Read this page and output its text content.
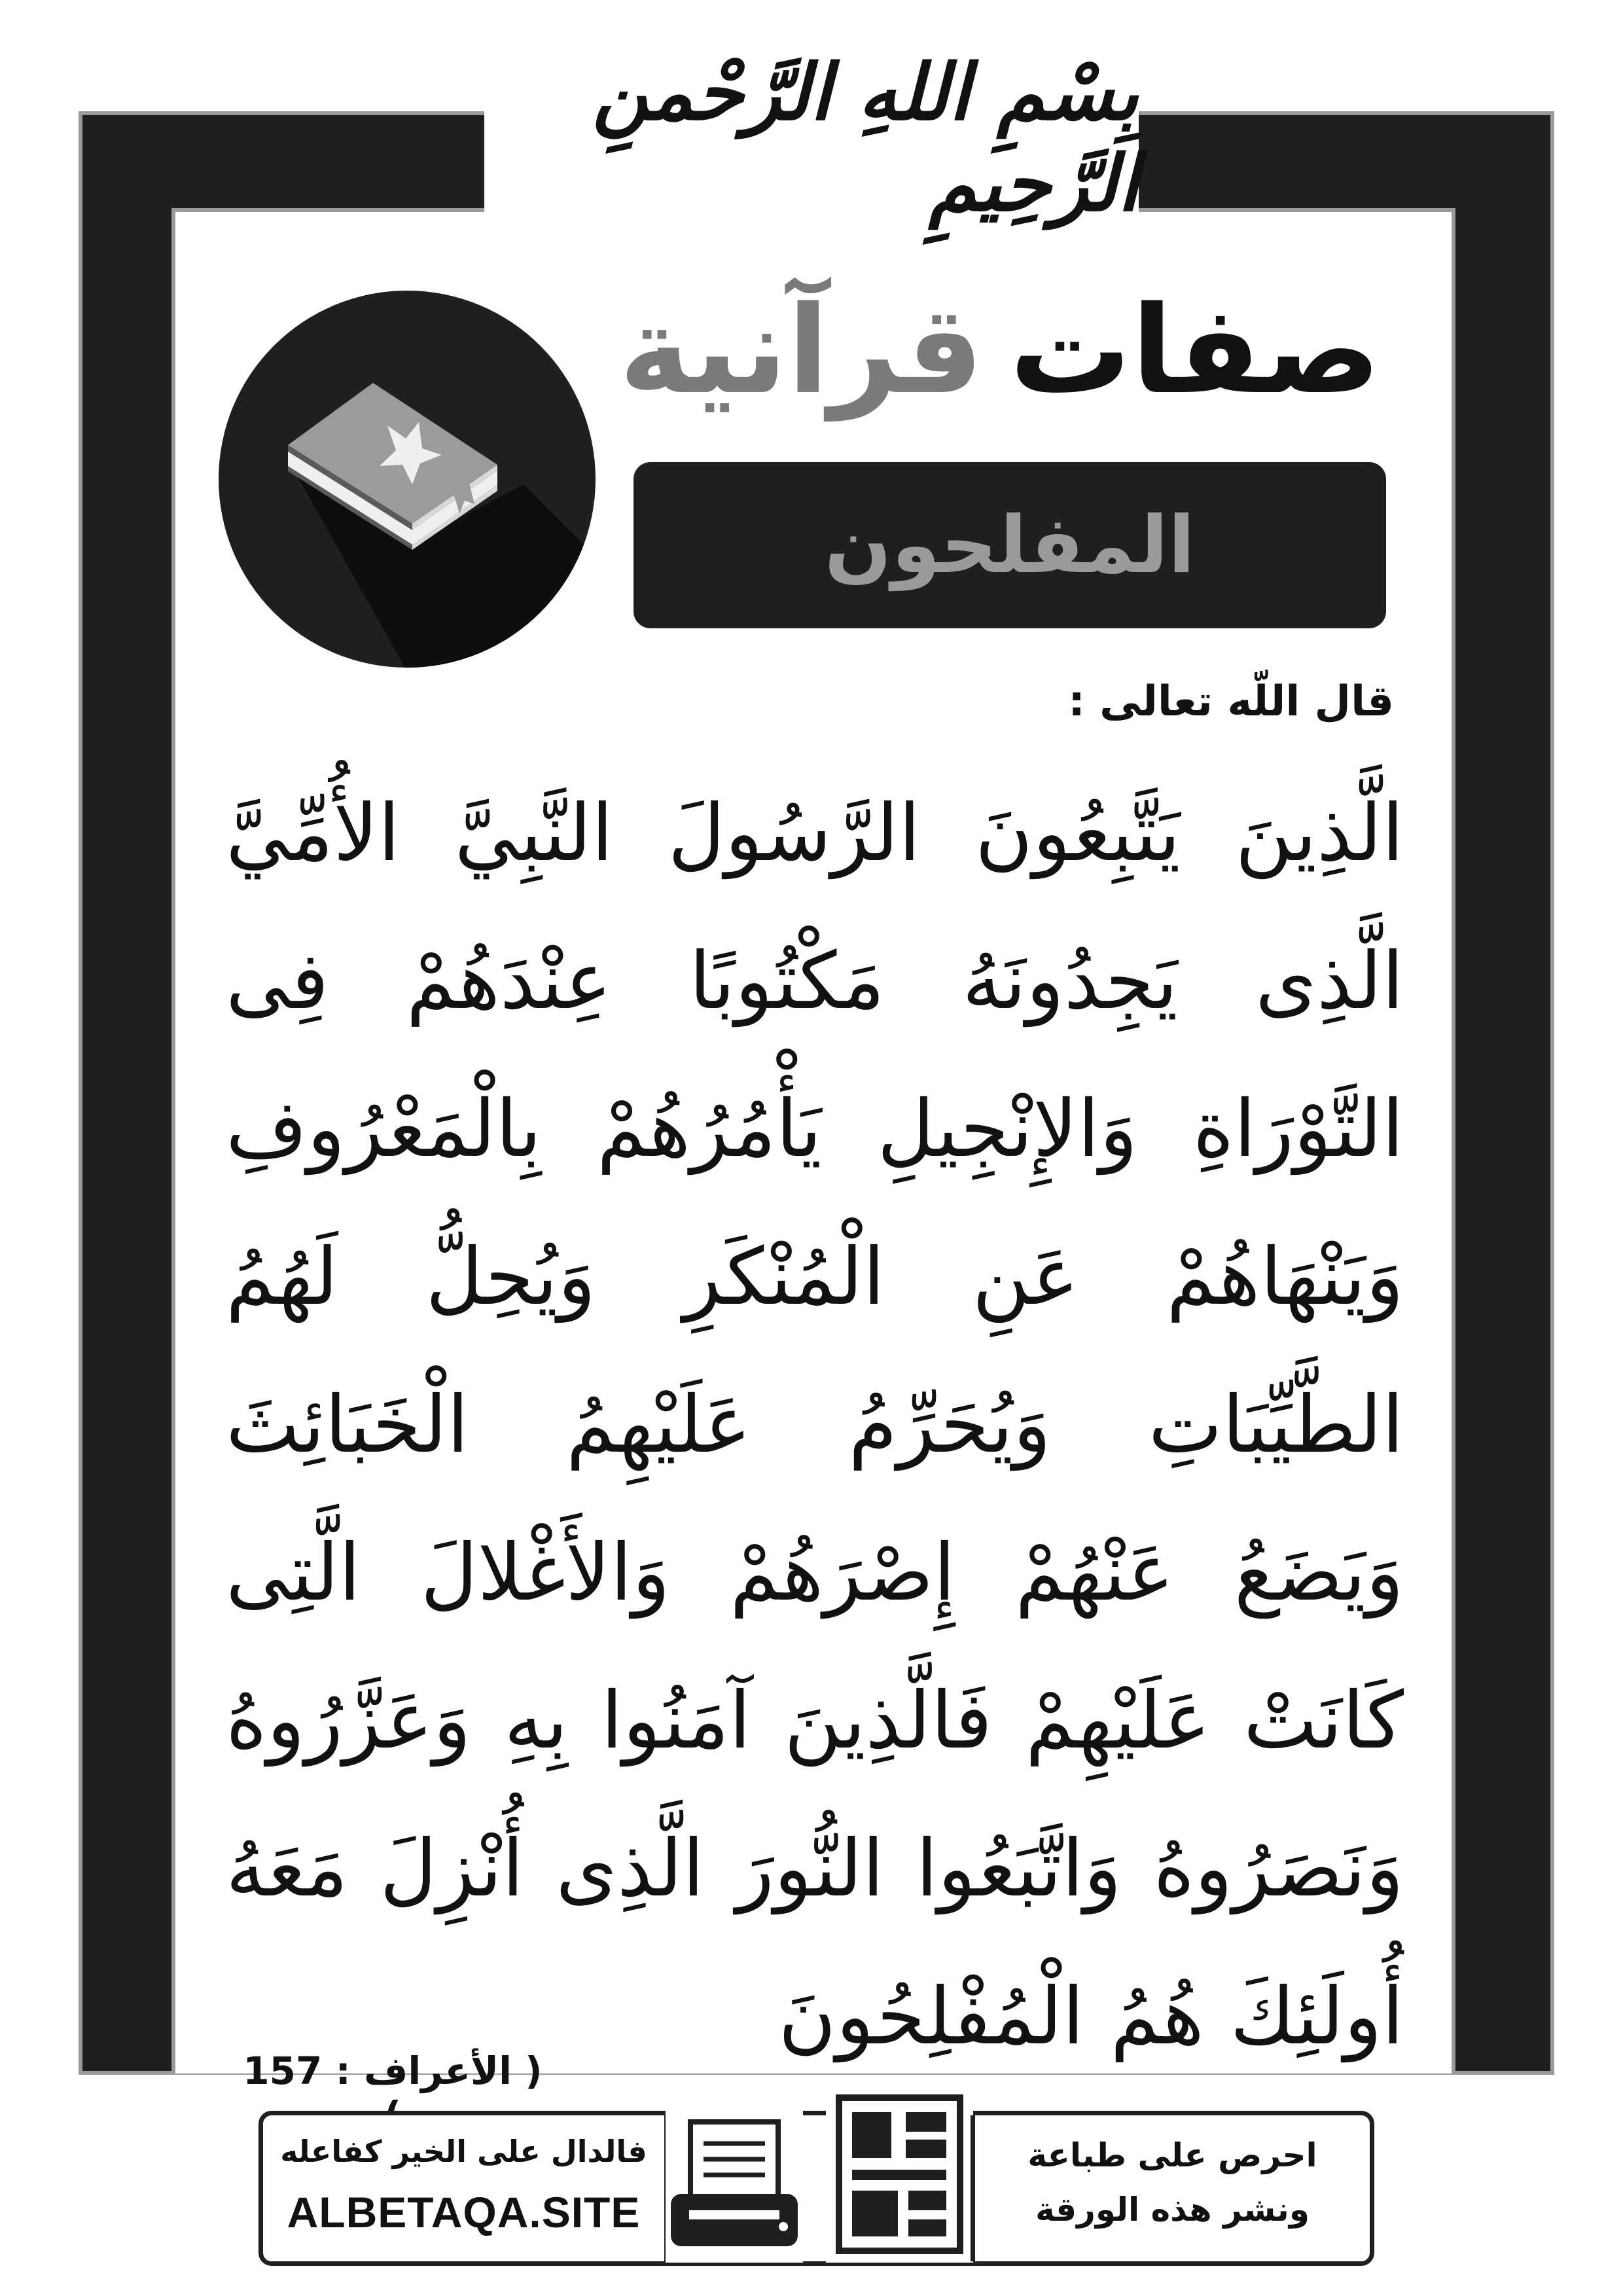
بِسْمِ اللهِ الرَّحْمنِ الرَّحِيمِ
صفات
قرآنية
المفلحون
قال اللّه تعالى :
الَّذِينَ
يَتَّبِعُونَ
الرَّسُولَ
النَّبِيَّ
الأُمِّيَّ
الَّذِى
يَجِدُونَهُ
مَكْتُوبًا
عِنْدَهُمْ
فِى
التَّوْرَاةِ
وَالإِنْجِيلِ
يَأْمُرُهُمْ
بِالْمَعْرُوفِ
وَيَنْهَاهُمْ
عَنِ
الْمُنْكَرِ
وَيُحِلُّ
لَهُمُ
الطَّيِّبَاتِ
وَيُحَرِّمُ
عَلَيْهِمُ
الْخَبَائِثَ
وَيَضَعُ
عَنْهُمْ
إِصْرَهُمْ
وَالأَغْلالَ
الَّتِى
كَانَتْ
عَلَيْهِمْ
فَالَّذِينَ
آمَنُوا
بِهِ
وَعَزَّرُوهُ
وَنَصَرُوهُ
وَاتَّبَعُوا
النُّورَ
الَّذِى
أُنْزِلَ
مَعَهُ
أُولَئِكَ
هُمُ
الْمُفْلِحُونَ
( الأعراف : 157
فالدال على الخير كفاعله
ALBETAQA.SITE
احرص على طباعة
ونشر هذه الورقة
